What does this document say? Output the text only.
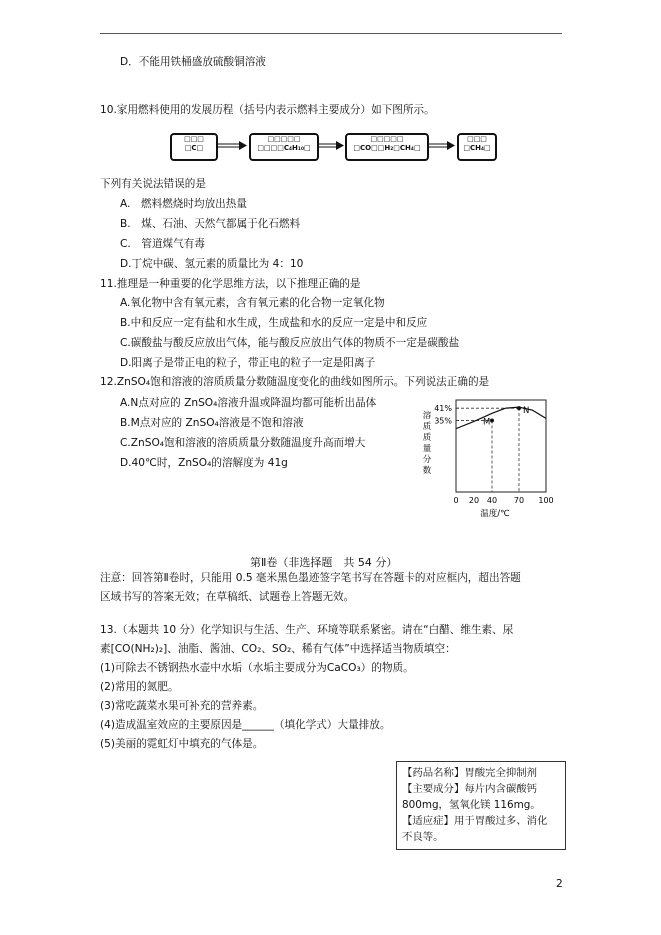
D．不能用铁桶盛放硫酸铜溶液
10.家用燃料使用的发展历程（括号内表示燃料主要成分）如下图所示。
□□□
□C□
□□□□□
□□□□C₄H₁₀□
□□□□□
□CO□□H₂□CH₄□
□□□
□CH₄□
下列有关说法错误的是
A.　燃料燃烧时均放出热量
B.　煤、石油、天然气都属于化石燃料
C.　管道煤气有毒
D.丁烷中碳、氢元素的质量比为 4：10
11.推理是一种重要的化学思维方法，以下推理正确的是
A.氧化物中含有氧元素，含有氧元素的化合物一定氧化物
B.中和反应一定有盐和水生成，生成盐和水的反应一定是中和反应
C.碳酸盐与酸反应放出气体，能与酸反应放出气体的物质不一定是碳酸盐
D.阳离子是带正电的粒子，带正电的粒子一定是阳离子
12.ZnSO₄饱和溶液的溶质质量分数随温度变化的曲线如图所示。下列说法正确的是
A.N点对应的 ZnSO₄溶液升温或降温均都可能析出晶体
B.M点对应的 ZnSO₄溶液是不饱和溶液
C.ZnSO₄饱和溶液的溶质质量分数随温度升高而增大
D.40℃时，ZnSO₄的溶解度为 41g
溶
质
质
量
分
数
35%
41%
0 20 40 70 100
温度/℃
M
N
第Ⅱ卷（非选择题　共 54 分）
注意：回答第Ⅱ卷时，只能用 0.5 毫米黑色墨迹签字笔书写在答题卡的对应框内，超出答题
区域书写的答案无效；在草稿纸、试题卷上答题无效。
13.（本题共 10 分）化学知识与生活、生产、环境等联系紧密。请在“白醋、维生素、尿
素[CO(NH₂)₂]、油脂、酱油、CO₂、SO₂、稀有气体”中选择适当物质填空：
(1)可除去不锈钢热水壶中水垢（水垢主要成分为CaCO₃）的物质。
(2)常用的氮肥。
(3)常吃蔬菜水果可补充的营养素。
(4)造成温室效应的主要原因是______（填化学式）大量排放。
(5)美丽的霓虹灯中填充的气体是。
【药品名称】胃酸完全抑制剂
【主要成分】每片内含碳酸钙
800mg，氢氧化镁 116mg。
【适应症】用于胃酸过多、消化
不良等。
2
